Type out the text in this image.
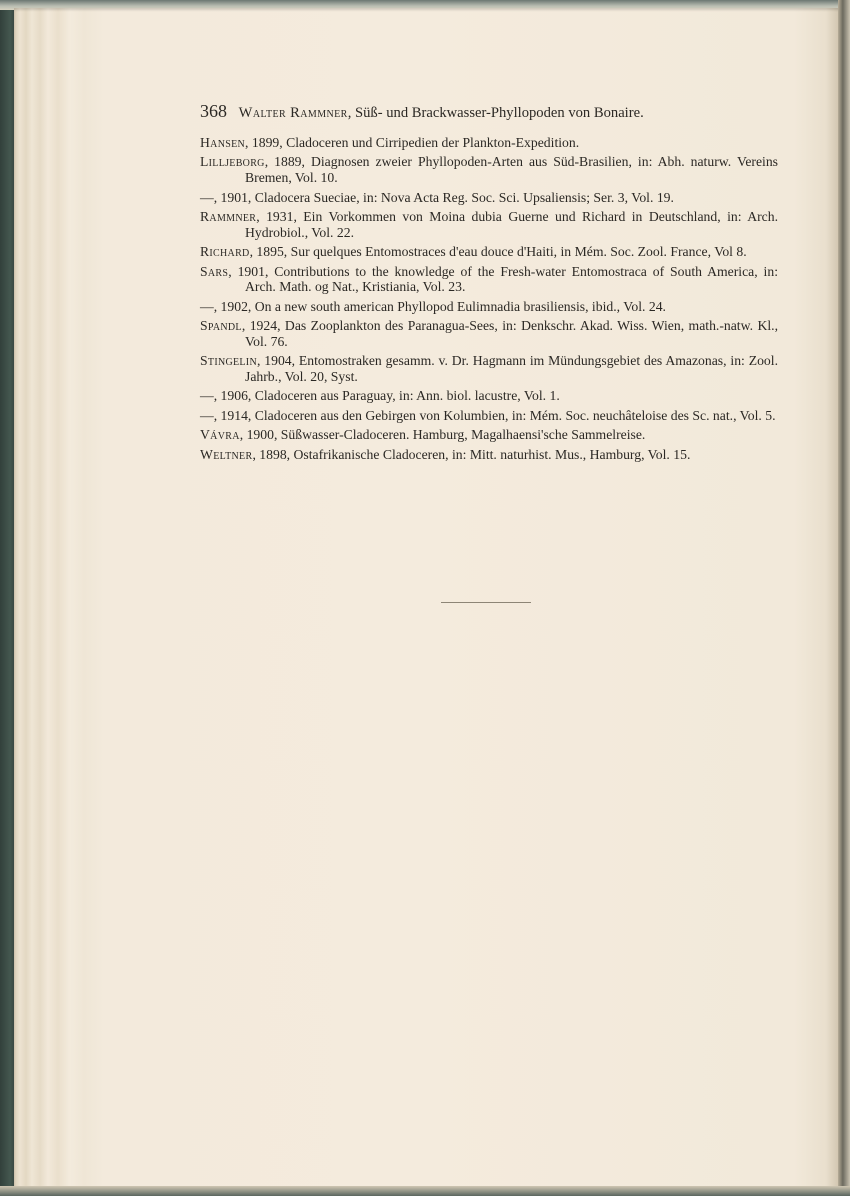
368 Walter Rammner, Süß- und Brackwasser-Phyllopoden von Bonaire.
Hansen, 1899, Cladoceren und Cirripedien der Plankton-Expedition.
Lilljeborg, 1889, Diagnosen zweier Phyllopoden-Arten aus Süd-Brasilien, in: Abh. naturw. Vereins Bremen, Vol. 10.
—, 1901, Cladocera Sueciae, in: Nova Acta Reg. Soc. Sci. Upsaliensis; Ser. 3, Vol. 19.
Rammner, 1931, Ein Vorkommen von Moina dubia Guerne und Richard in Deutschland, in: Arch. Hydrobiol., Vol. 22.
Richard, 1895, Sur quelques Entomostraces d'eau douce d'Haiti, in Mém. Soc. Zool. France, Vol 8.
Sars, 1901, Contributions to the knowledge of the Fresh-water Entomostraca of South America, in: Arch. Math. og Nat., Kristiania, Vol. 23.
—, 1902, On a new south american Phyllopod Eulimnadia brasiliensis, ibid., Vol. 24.
Spandl, 1924, Das Zooplankton des Paranagua-Sees, in: Denkschr. Akad. Wiss. Wien, math.-natw. Kl., Vol. 76.
Stingelin, 1904, Entomostraken gesamm. v. Dr. Hagmann im Mündungsgebiet des Amazonas, in: Zool. Jahrb., Vol. 20, Syst.
—, 1906, Cladoceren aus Paraguay, in: Ann. biol. lacustre, Vol. 1.
—, 1914, Cladoceren aus den Gebirgen von Kolumbien, in: Mém. Soc. neuchâteloise des Sc. nat., Vol. 5.
Vávra, 1900, Süßwasser-Cladoceren. Hamburg, Magalhaensi'sche Sammelreise.
Weltner, 1898, Ostafrikanische Cladoceren, in: Mitt. naturhist. Mus., Hamburg, Vol. 15.
